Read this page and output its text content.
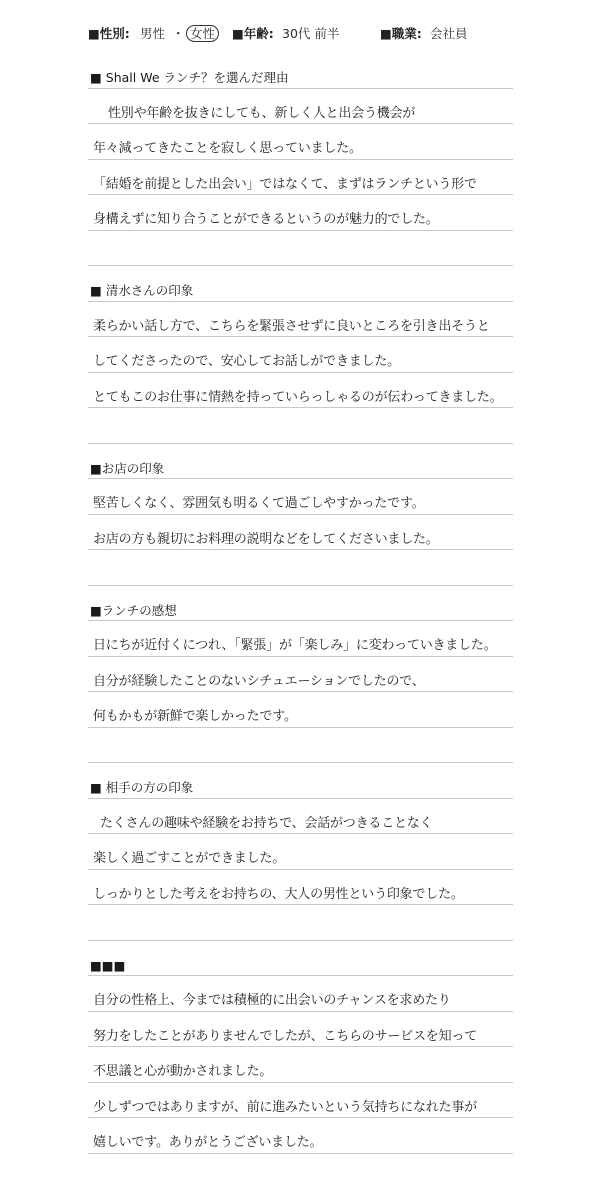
■性別: 男性 ・ 女性	■年齢: 30代 前半	■職業: 会社員
■ Shall We ランチ？を選んだ理由
性別や年齢を抜きにしても、新しく人と出会う機会が
年々減ってきたことを寂しく思っていました。
「結婚を前提とした出会い」ではなくて、まずはランチという形で
身構えずに知り合うことができるというのが魅力的でした。
■ 清水さんの印象
柔らかい話し方で、こちらを緊張させずに良いところを引き出そうと
してくださったので、安心してお話しができました。
とてもこのお仕事に情熱を持っていらっしゃるのが伝わってきました。
■お店の印象
堅苦しくなく、雰囲気も明るくて過ごしやすかったです。
お店の方も親切にお料理の説明などをしてくださいました。
■ランチの感想
日にちが近付くにつれ、「緊張」が「楽しみ」に変わっていきました。
自分が経験したことのないシチュエーションでしたので、
何もかもが新鮮で楽しかったです。
■ 相手の方の印象
たくさんの趣味や経験をお持ちで、会話がつきることなく
楽しく過ごすことができました。
しっかりとした考えをお持ちの、大人の男性という印象でした。
■■■
自分の性格上、今までは積極的に出会いのチャンスを求めたり
努力をしたことがありませんでしたが、こちらのサービスを知って
不思議と心が動かされました。
少しずつではありますが、前に進みたいという気持ちになれた事が
嬉しいです。ありがとうございました。
